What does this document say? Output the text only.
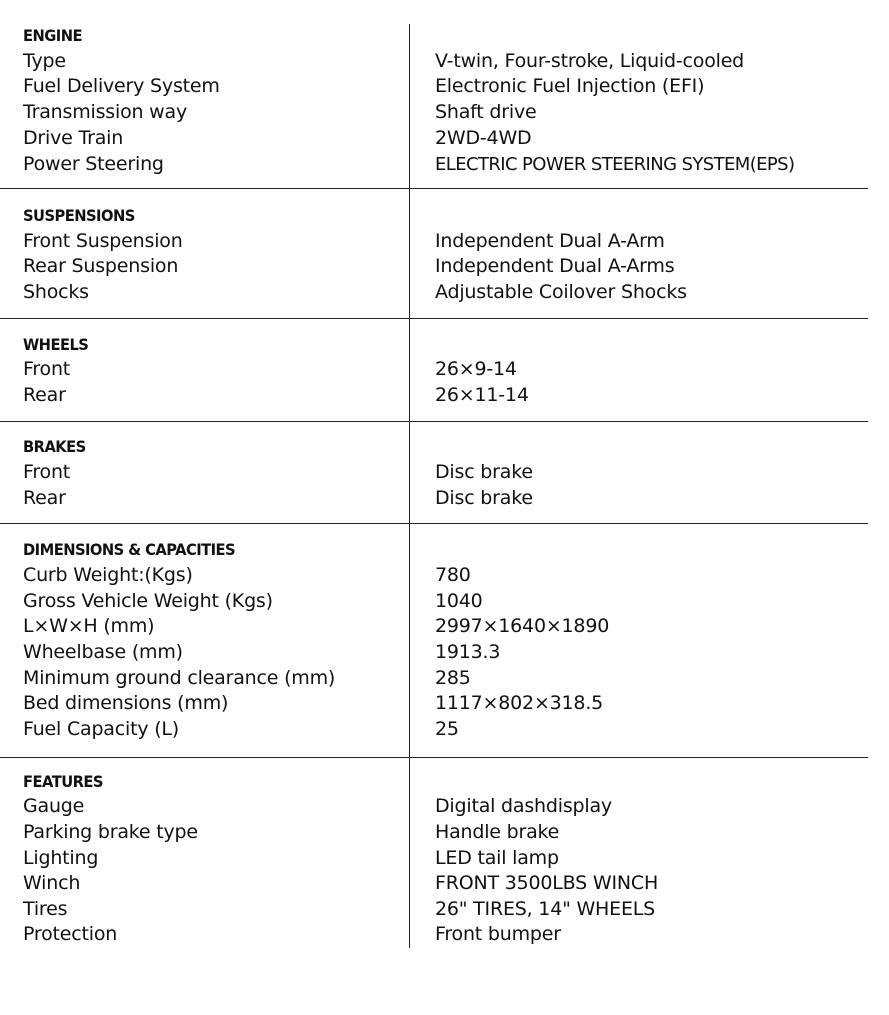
ENGINE
Type	V-twin, Four-stroke, Liquid-cooled
Fuel Delivery System	Electronic Fuel Injection (EFI)
Transmission way	Shaft drive
Drive Train	2WD-4WD
Power Steering	ELECTRIC POWER STEERING SYSTEM(EPS)
SUSPENSIONS
Front Suspension	Independent Dual A-Arm
Rear Suspension	Independent Dual A-Arms
Shocks	Adjustable Coilover Shocks
WHEELS
Front	26×9-14
Rear	26×11-14
BRAKES
Front	Disc brake
Rear	Disc brake
DIMENSIONS & CAPACITIES
Curb Weight:(Kgs)	780
Gross Vehicle Weight (Kgs)	1040
L×W×H (mm)	2997×1640×1890
Wheelbase (mm)	1913.3
Minimum ground clearance (mm)	285
Bed dimensions (mm)	1117×802×318.5
Fuel Capacity (L)	25
FEATURES
Gauge	Digital dashdisplay
Parking brake type	Handle brake
Lighting	LED tail lamp
Winch	FRONT 3500LBS WINCH
Tires	26" TIRES, 14" WHEELS
Protection	Front bumper
